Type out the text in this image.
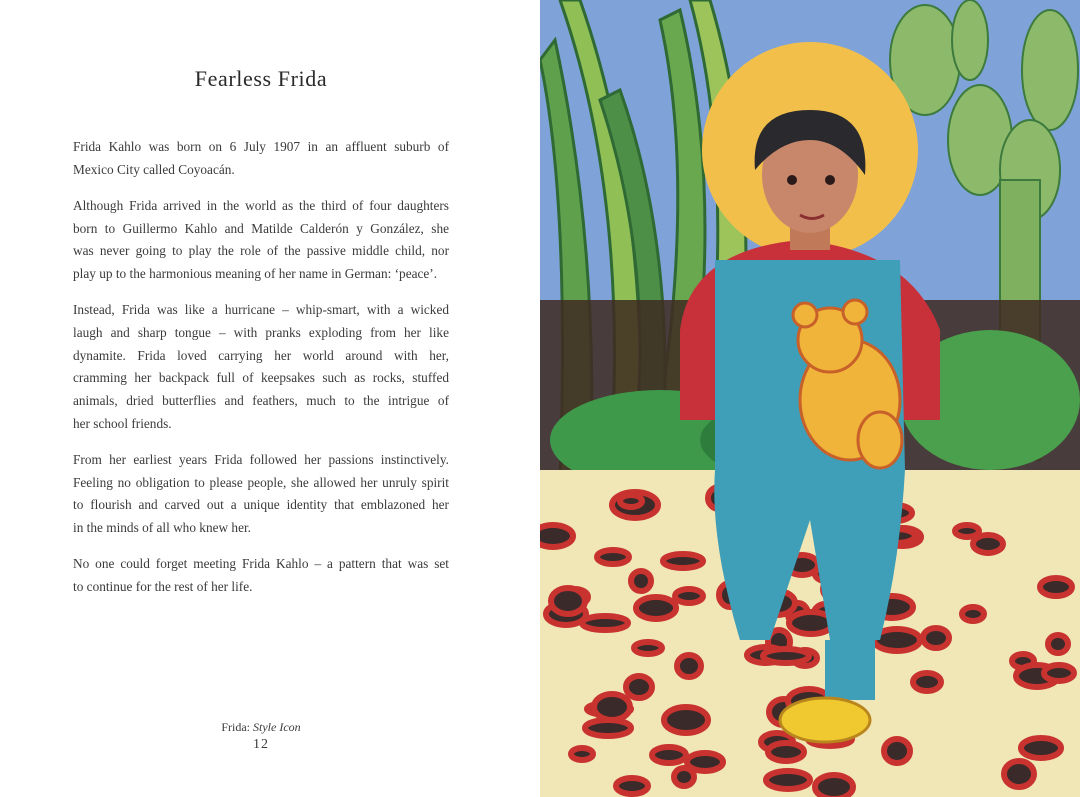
Fearless Frida

Frida Kahlo was born on 6 July 1907 in an affluent suburb of
Mexico City called Coyoacán.

Although Frida arrived in the world as the third of four daughters
born to Guillermo Kahlo and Matilde Calderón y González, she
was never going to play the role of the passive middle child, nor
play up to the harmonious meaning of her name in German: ‘peace’.

Instead, Frida was like a hurricane – whip-smart, with a wicked
laugh and sharp tongue – with pranks exploding from her like
dynamite. Frida loved carrying her world around with her,
cramming her backpack full of keepsakes such as rocks, stuffed
animals, dried butterflies and feathers, much to the intrigue of
her school friends.

From her earliest years Frida followed her passions instinctively.
Feeling no obligation to please people, she allowed her unruly spirit
to flourish and carved out a unique identity that emblazoned her
in the minds of all who knew her.

No one could forget meeting Frida Kahlo – a pattern that was set
to continue for the rest of her life.

Frida: Style Icon
12
